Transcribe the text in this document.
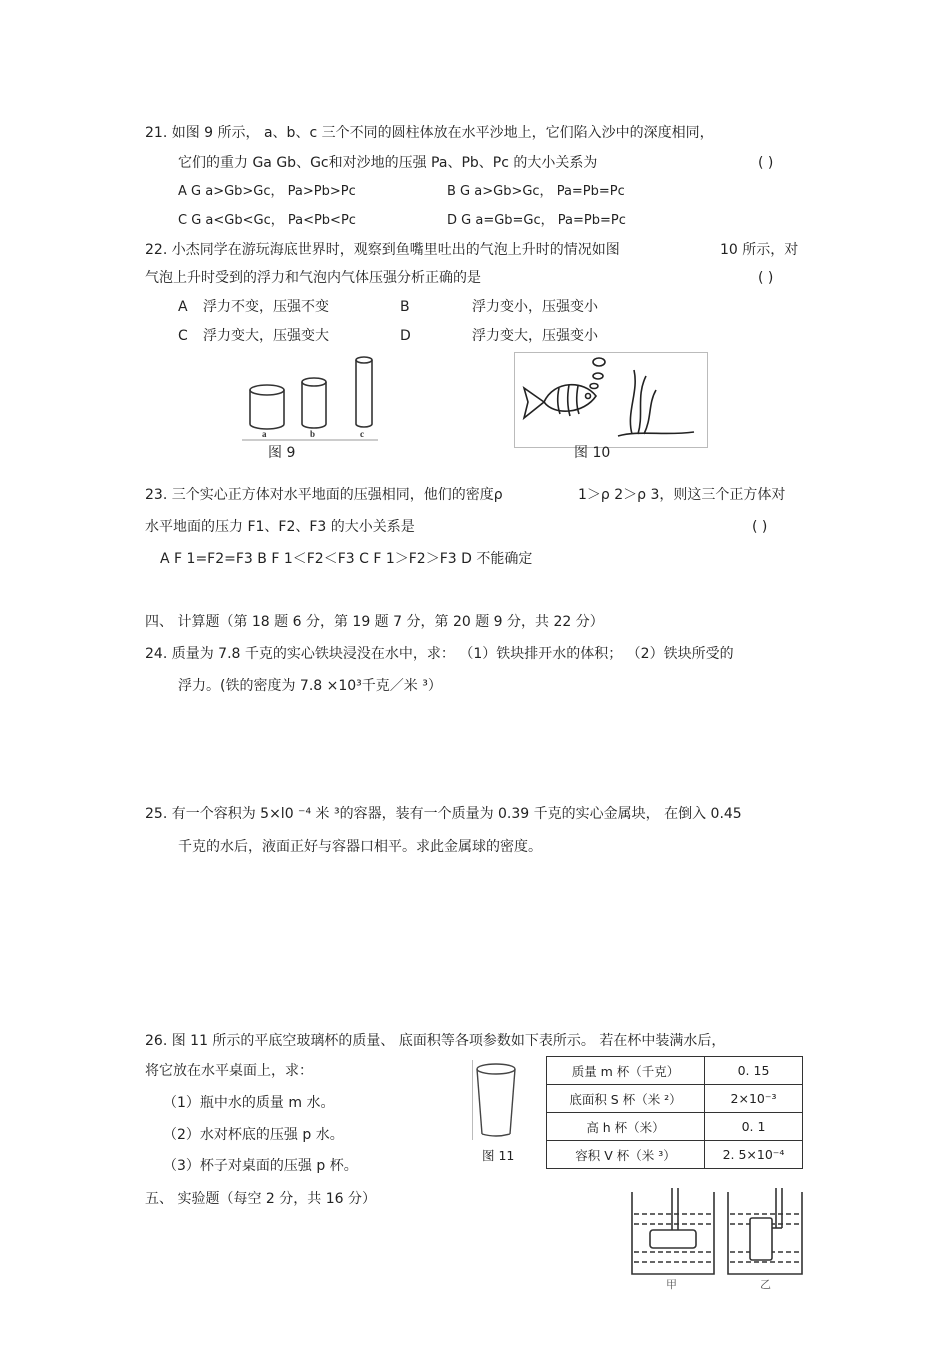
21. 如图 9 所示， a、b、c 三个不同的圆柱体放在水平沙地上，它们陷入沙中的深度相同，
它们的重力 Ga Gb、Gc和对沙地的压强 Pa、Pb、Pc 的大小关系为	( )
A G a>Gb>Gc， Pa>Pb>Pc	B G a>Gb>Gc， Pa=Pb=Pc
C G a<Gb<Gc， Pa<Pb<Pc	D G a=Gb=Gc， Pa=Pb=Pc
22. 小杰同学在游玩海底世界时，观察到鱼嘴里吐出的气泡上升时的情况如图	10 所示，对
气泡上升时受到的浮力和气泡内气体压强分析正确的是	( )
A 浮力不变，压强不变	B	浮力变小，压强变小
C 浮力变大，压强变大	D	浮力变大，压强变小
a	b	c
图 9	图 10
23. 三个实心正方体对水平地面的压强相同，他们的密度ρ	1＞ρ 2＞ρ 3，则这三个正方体对
水平地面的压力 F1、F2、F3 的大小关系是	( )
A F 1=F2=F3 B F 1＜F2＜F3 C F 1＞F2＞F3 D 不能确定
四、 计算题（第 18 题 6 分，第 19 题 7 分，第 20 题 9 分，共 22 分）
24. 质量为 7.8 千克的实心铁块浸没在水中，求： （1）铁块排开水的体积； （2）铁块所受的
浮力。(铁的密度为 7.8 ×10³千克／米 ³）
25. 有一个容积为 5×l0 ⁻⁴ 米 ³的容器，装有一个质量为 0.39 千克的实心金属块， 在倒入 0.45
千克的水后，液面正好与容器口相平。求此金属球的密度。
26. 图 11 所示的平底空玻璃杯的质量、 底面积等各项参数如下表所示。 若在杯中装满水后，
将它放在水平桌面上，求：
（1）瓶中水的质量 m 水。
（2）水对杯底的压强 p 水。
（3）杯子对桌面的压强 p 杯。
图 11
质量 m 杯（千克）	0. 15
底面积 S 杯（米 ²）	2×10⁻³
高 h 杯（米）	0. 1
容积 V 杯（米 ³）	2. 5×10⁻⁴
五、 实验题（每空 2 分，共 16 分）
甲	乙
